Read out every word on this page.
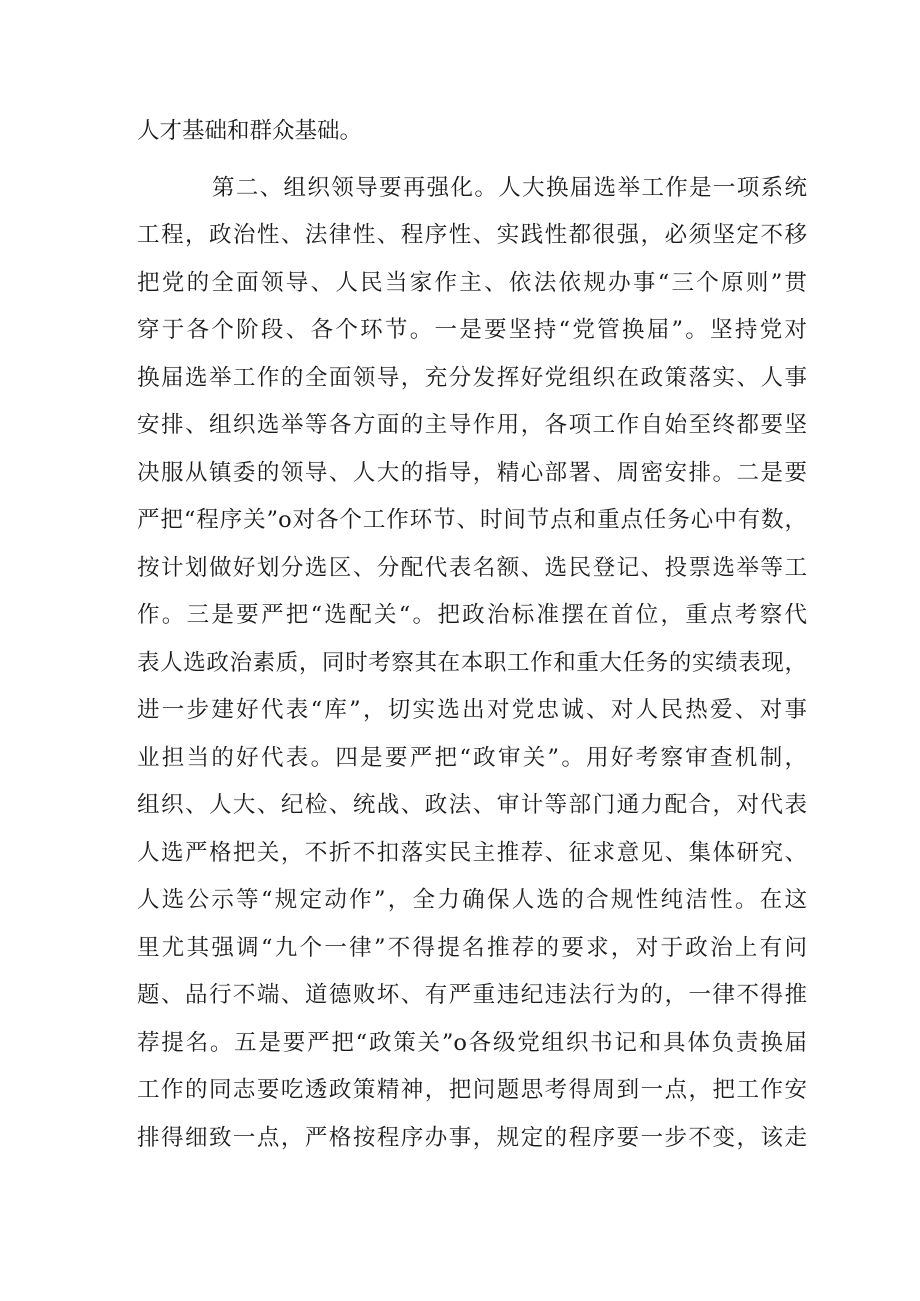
人才基础和群众基础。
第二、组织领导要再强化。人大换届选举工作是一项系统
工程，政治性、法律性、程序性、实践性都很强，必须坚定不移
把党的全面领导、人民当家作主、依法依规办事“三个原则”贯
穿于各个阶段、各个环节。一是要坚持“党管换届”。坚持党对
换届选举工作的全面领导，充分发挥好党组织在政策落实、人事
安排、组织选举等各方面的主导作用，各项工作自始至终都要坚
决服从镇委的领导、人大的指导，精心部署、周密安排。二是要
严把“程序关”o对各个工作环节、时间节点和重点任务心中有数，
按计划做好划分选区、分配代表名额、选民登记、投票选举等工
作。三是要严把“选配关“。把政治标准摆在首位，重点考察代
表人选政治素质，同时考察其在本职工作和重大任务的实绩表现，
进一步建好代表“库”，切实选出对党忠诚、对人民热爱、对事
业担当的好代表。四是要严把“政审关”。用好考察审查机制，
组织、人大、纪检、统战、政法、审计等部门通力配合，对代表
人选严格把关，不折不扣落实民主推荐、征求意见、集体研究、
人选公示等“规定动作”，全力确保人选的合规性纯洁性。在这
里尤其强调“九个一律”不得提名推荐的要求，对于政治上有问
题、品行不端、道德败坏、有严重违纪违法行为的，一律不得推
荐提名。五是要严把“政策关”o各级党组织书记和具体负责换届
工作的同志要吃透政策精神，把问题思考得周到一点，把工作安
排得细致一点，严格按程序办事，规定的程序要一步不变，该走
